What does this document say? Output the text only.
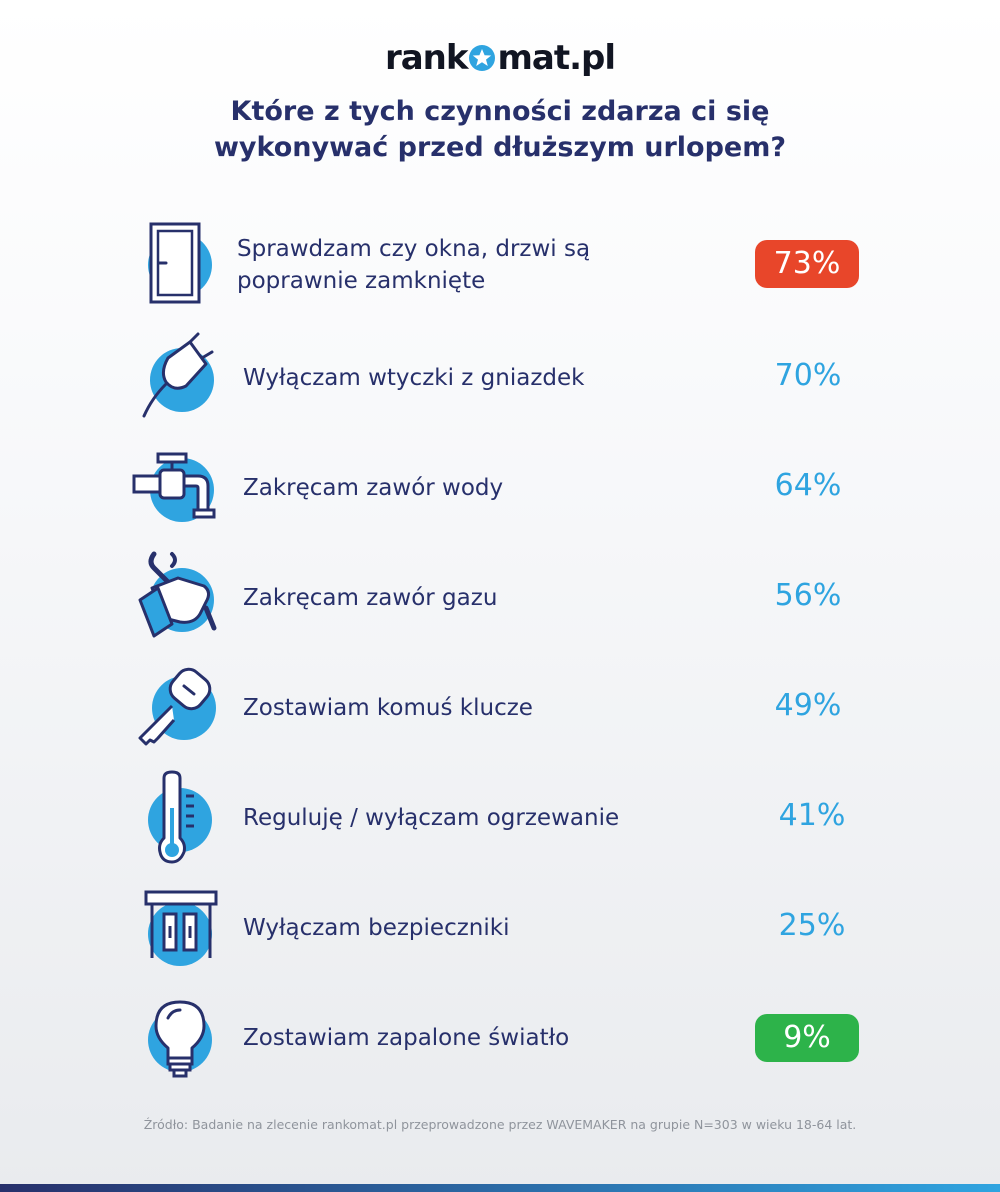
rank mat.pl
Które z tych czynności zdarza ci się
wykonywać przed dłuższym urlopem?
Sprawdzam czy okna, drzwi są
poprawnie zamknięte	73%
Wyłączam wtyczki z gniazdek	70%
Zakręcam zawór wody	64%
Zakręcam zawór gazu	56%
Zostawiam komuś klucze	49%
Reguluję / wyłączam ogrzewanie	41%
Wyłączam bezpieczniki	25%
Zostawiam zapalone światło	9%
Źródło: Badanie na zlecenie rankomat.pl przeprowadzone przez WAVEMAKER na grupie N=303 w wieku 18-64 lat.
